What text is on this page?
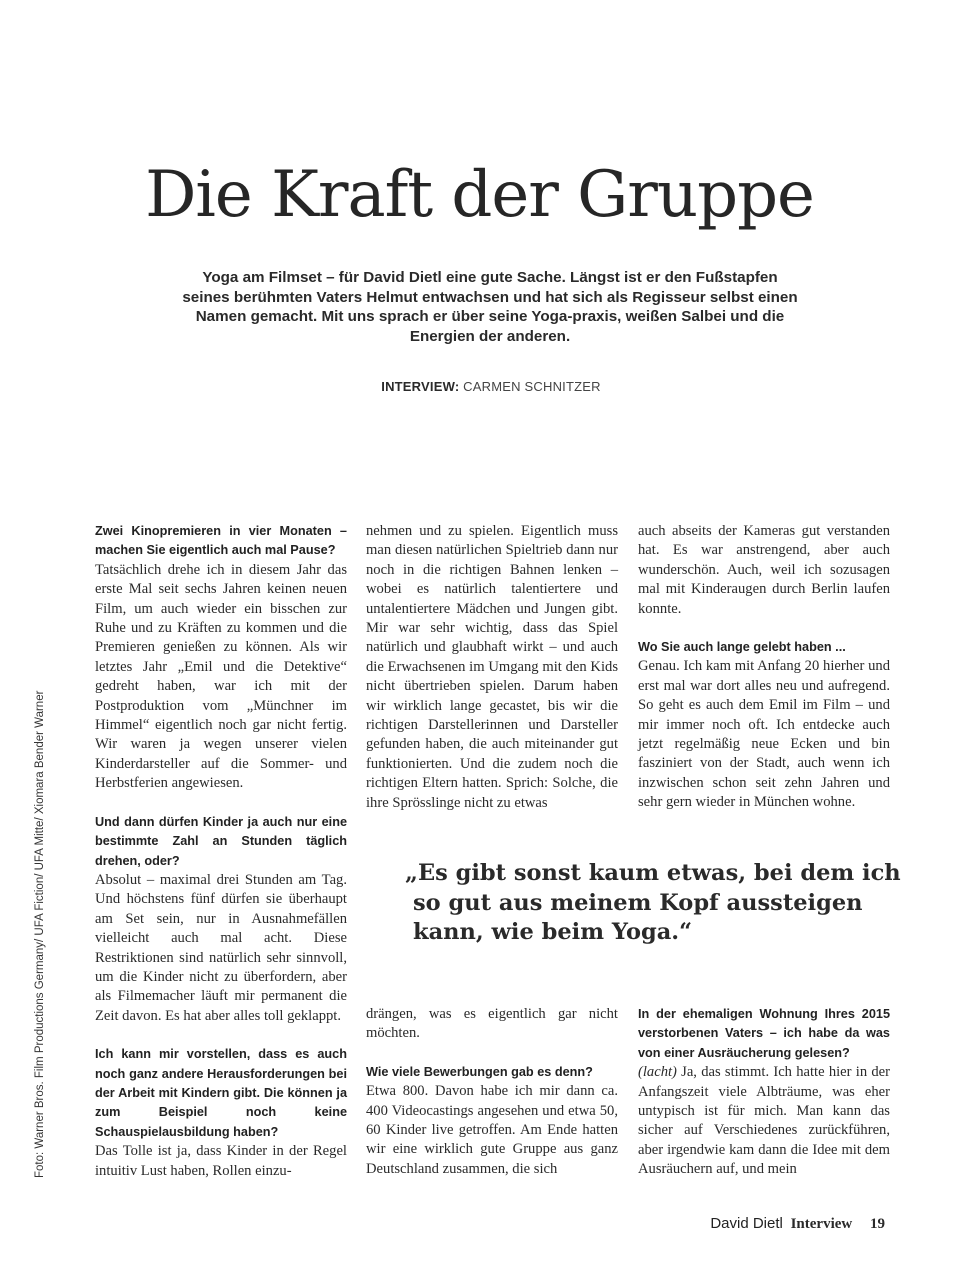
Die Kraft der Gruppe

Yoga am Filmset – für David Dietl eine gute Sache. Längst ist er den Fußstapfen seines berühmten Vaters Helmut entwachsen und hat sich als Regisseur selbst einen Namen gemacht. Mit uns sprach er über seine Yoga-praxis, weißen Salbei und die Energien der anderen.

INTERVIEW: CARMEN SCHNITZER
Foto: Warner Bros. Film Productions Germany/ UFA Fiction/ UFA Mitte/ Xiomara Bender Warner

Zwei Kinopremieren in vier Monaten – machen Sie eigentlich auch mal Pause?

Tatsächlich drehe ich in diesem Jahr das erste Mal seit sechs Jahren keinen neuen Film, um auch wieder ein bisschen zur Ruhe und zu Kräften zu kommen und die Premieren genießen zu können. Als wir letztes Jahr „Emil und die Detektive“ gedreht haben, war ich mit der Postproduktion vom „Münchner im Himmel“ eigentlich noch gar nicht fertig. Wir waren ja wegen unserer vielen Kinderdarsteller auf die Sommer- und Herbstferien angewiesen.

Und dann dürfen Kinder ja auch nur eine bestimmte Zahl an Stunden täglich drehen, oder?

Absolut – maximal drei Stunden am Tag. Und höchstens fünf dürfen sie überhaupt am Set sein, nur in Ausnahmefällen vielleicht auch mal acht. Diese Restriktionen sind natürlich sehr sinnvoll, um die Kinder nicht zu überfordern, aber als Filmemacher läuft mir permanent die Zeit davon. Es hat aber alles toll geklappt.

Ich kann mir vorstellen, dass es auch noch ganz andere Herausforderungen bei der Arbeit mit Kindern gibt. Die können ja zum Beispiel noch keine Schauspielausbildung haben?

Das Tolle ist ja, dass Kinder in der Regel intuitiv Lust haben, Rollen einzu-

nehmen und zu spielen. Eigentlich muss man diesen natürlichen Spieltrieb dann nur noch in die richtigen Bahnen lenken – wobei es natürlich talentiertere und untalentiertere Mädchen und Jungen gibt. Mir war sehr wichtig, dass das Spiel natürlich und glaubhaft wirkt – und auch die Erwachsenen im Umgang mit den Kids nicht übertrieben spielen. Darum haben wir wirklich lange gecastet, bis wir die richtigen Darstellerinnen und Darsteller gefunden haben, die auch miteinander gut funktionierten. Und die zudem noch die richtigen Eltern hatten. Sprich: Solche, die ihre Sprösslinge nicht zu etwas

auch abseits der Kameras gut verstanden hat. Es war anstrengend, aber auch wunderschön. Auch, weil ich sozusagen mal mit Kinderaugen durch Berlin laufen konnte.

Wo Sie auch lange gelebt haben ...

Genau. Ich kam mit Anfang 20 hierher und erst mal war dort alles neu und aufregend. So geht es auch dem Emil im Film – und mir immer noch oft. Ich entdecke auch jetzt regelmäßig neue Ecken und bin fasziniert von der Stadt, auch wenn ich inzwischen schon seit zehn Jahren und sehr gern wieder in München wohne.

„Es gibt sonst kaum etwas, bei dem ich
so gut aus meinem Kopf aussteigen
kann, wie beim Yoga.“

drängen, was es eigentlich gar nicht möchten.

Wie viele Bewerbungen gab es denn?

Etwa 800. Davon habe ich mir dann ca. 400 Videocastings angesehen und etwa 50, 60 Kinder live getroffen. Am Ende hatten wir eine wirklich gute Gruppe aus ganz Deutschland zusammen, die sich

In der ehemaligen Wohnung Ihres 2015 verstorbenen Vaters – ich habe da was von einer Ausräucherung gelesen?

(lacht) Ja, das stimmt. Ich hatte hier in der Anfangszeit viele Albträume, was eher untypisch ist für mich. Man kann das sicher auf Verschiedenes zurückführen, aber irgendwie kam dann die Idee mit dem Ausräuchern auf, und mein

David Dietl Interview 19
